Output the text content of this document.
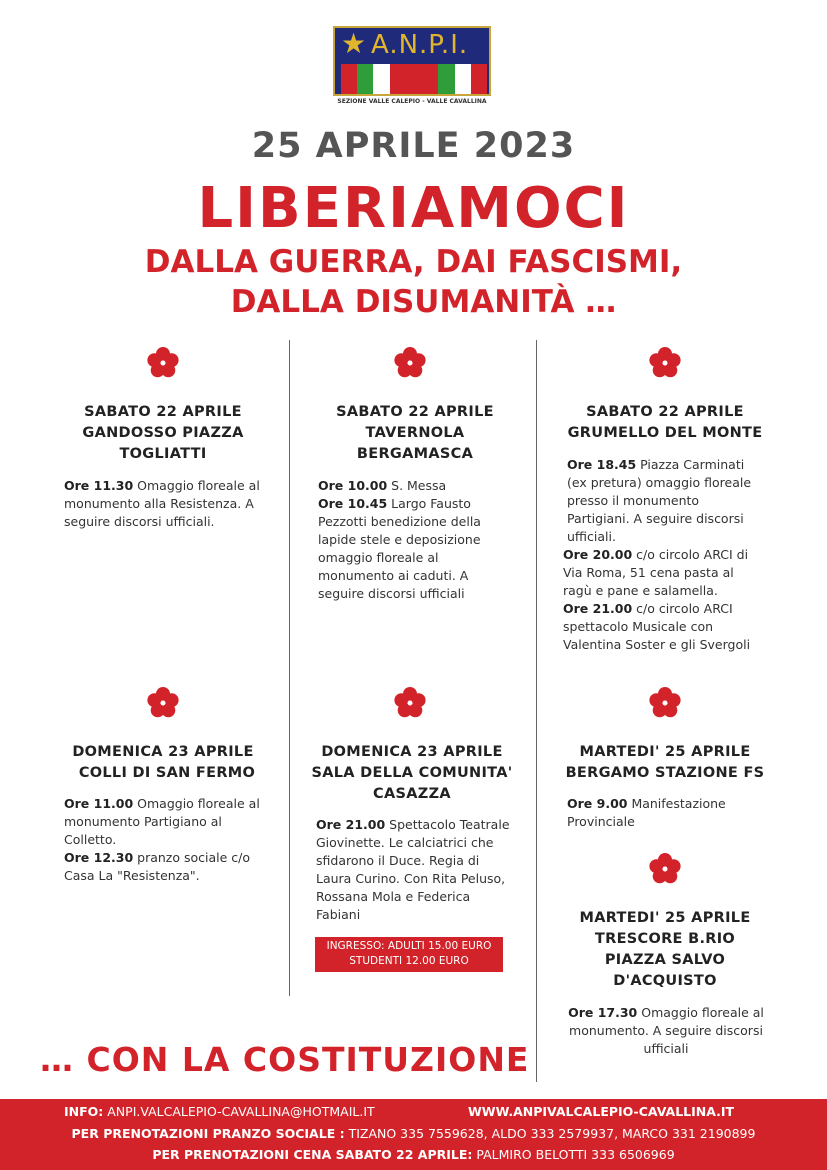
★ A.N.P.I.
SEZIONE VALLE CALEPIO - VALLE CAVALLINA
25 APRILE 2023
LIBERIAMOCI
DALLA GUERRA, DAI FASCISMI,
DALLA DISUMANITÀ …
SABATO 22 APRILE
GANDOSSO PIAZZA
TOGLIATTI

Ore 11.30 Omaggio floreale al monumento alla Resistenza. A seguire discorsi ufficiali.

SABATO 22 APRILE
TAVERNOLA
BERGAMASCA

Ore 10.00 S. Messa

Ore 10.45 Largo Fausto Pezzotti benedizione della lapide stele e deposizione omaggio floreale al monumento ai caduti. A seguire discorsi ufficiali

SABATO 22 APRILE
GRUMELLO DEL MONTE

Ore 18.45 Piazza Carminati (ex pretura) omaggio floreale presso il monumento Partigiani. A seguire discorsi ufficiali.

Ore 20.00 c/o circolo ARCI di Via Roma, 51 cena pasta al ragù e pane e salamella.

Ore 21.00 c/o circolo ARCI spettacolo Musicale con Valentina Soster e gli Svergoli

DOMENICA 23 APRILE
COLLI DI SAN FERMO

Ore 11.00 Omaggio floreale al monumento Partigiano al Colletto.

Ore 12.30 pranzo sociale c/o Casa La "Resistenza".

DOMENICA 23 APRILE
SALA DELLA COMUNITA'
CASAZZA

Ore 21.00 Spettacolo Teatrale Giovinette. Le calciatrici che sfidarono il Duce. Regia di Laura Curino. Con Rita Peluso, Rossana Mola e Federica Fabiani

INGRESSO: ADULTI 15.00 EURO
STUDENTI 12.00 EURO
MARTEDI' 25 APRILE
BERGAMO STAZIONE FS

Ore 9.00 Manifestazione Provinciale

MARTEDI' 25 APRILE
TRESCORE B.RIO
PIAZZA SALVO
D'ACQUISTO

Ore 17.30 Omaggio floreale al monumento. A seguire discorsi ufficiali

… CON LA COSTITUZIONE
INFO: ANPI.VALCALEPIO-CAVALLINA@HOTMAIL.IT	WWW.ANPIVALCALEPIO-CAVALLINA.IT
PER PRENOTAZIONI PRANZO SOCIALE : TIZANO 335 7559628, ALDO 333 2579937, MARCO 331 2190899
PER PRENOTAZIONI CENA SABATO 22 APRILE: PALMIRO BELOTTI 333 6506969
